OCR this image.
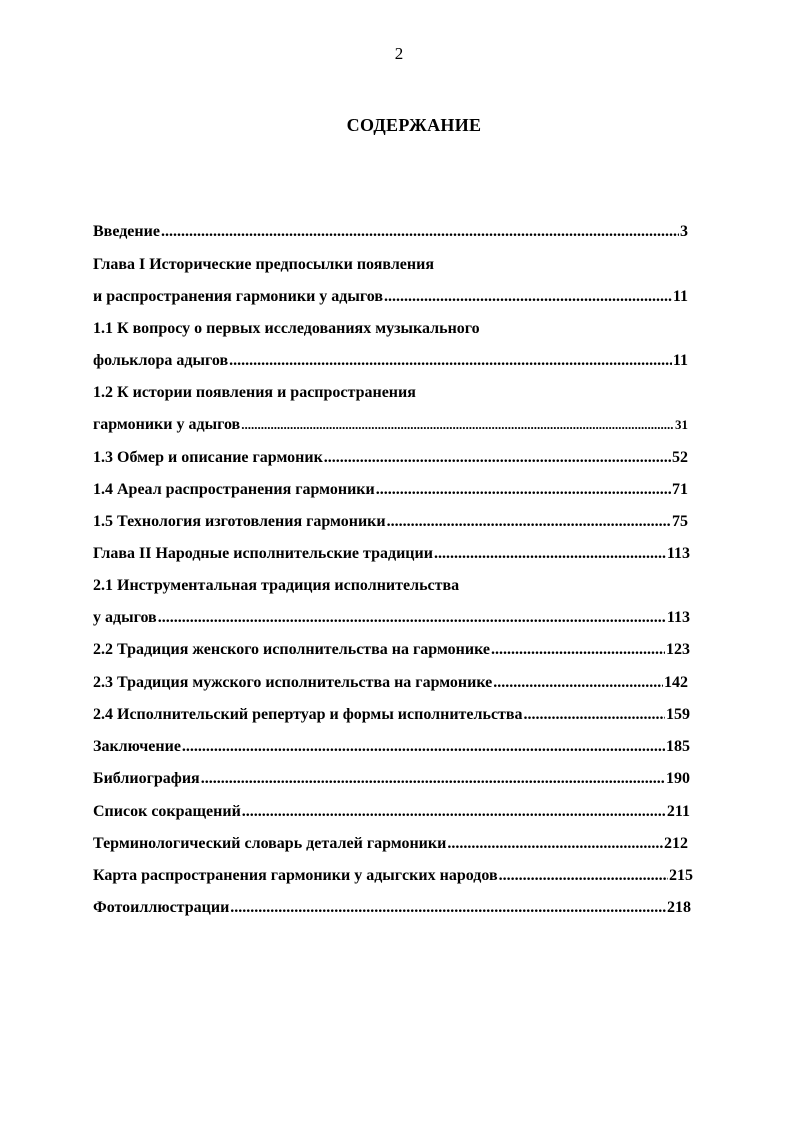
2
СОДЕРЖАНИЕ
Введение .....	3
Глава I Исторические предпосылки появления
и распространения гармоники у адыгов .....	11
1.1 К вопросу о первых исследованиях музыкального
фольклора адыгов .....	11
1.2 К истории появления и распространения
гармоники у адыгов .....	31
1.3 Обмер и описание гармоник .....	52
1.4 Ареал распространения гармоники .....	71
1.5 Технология изготовления гармоники .....	75
Глава II Народные исполнительские традиции .....	113
2.1 Инструментальная традиция исполнительства
у адыгов .....	113
2.2 Традиция женского исполнительства на гармонике .....	123
2.3 Традиция мужского исполнительства на гармонике .....	142
2.4 Исполнительский репертуар и формы исполнительства .....	159
Заключение .....	185
Библиография .....	190
Список сокращений .....	211
Терминологический словарь деталей гармоники .....	212
Карта распространения гармоники у адыгских народов .....	215
Фотоиллюстрации .....	218
